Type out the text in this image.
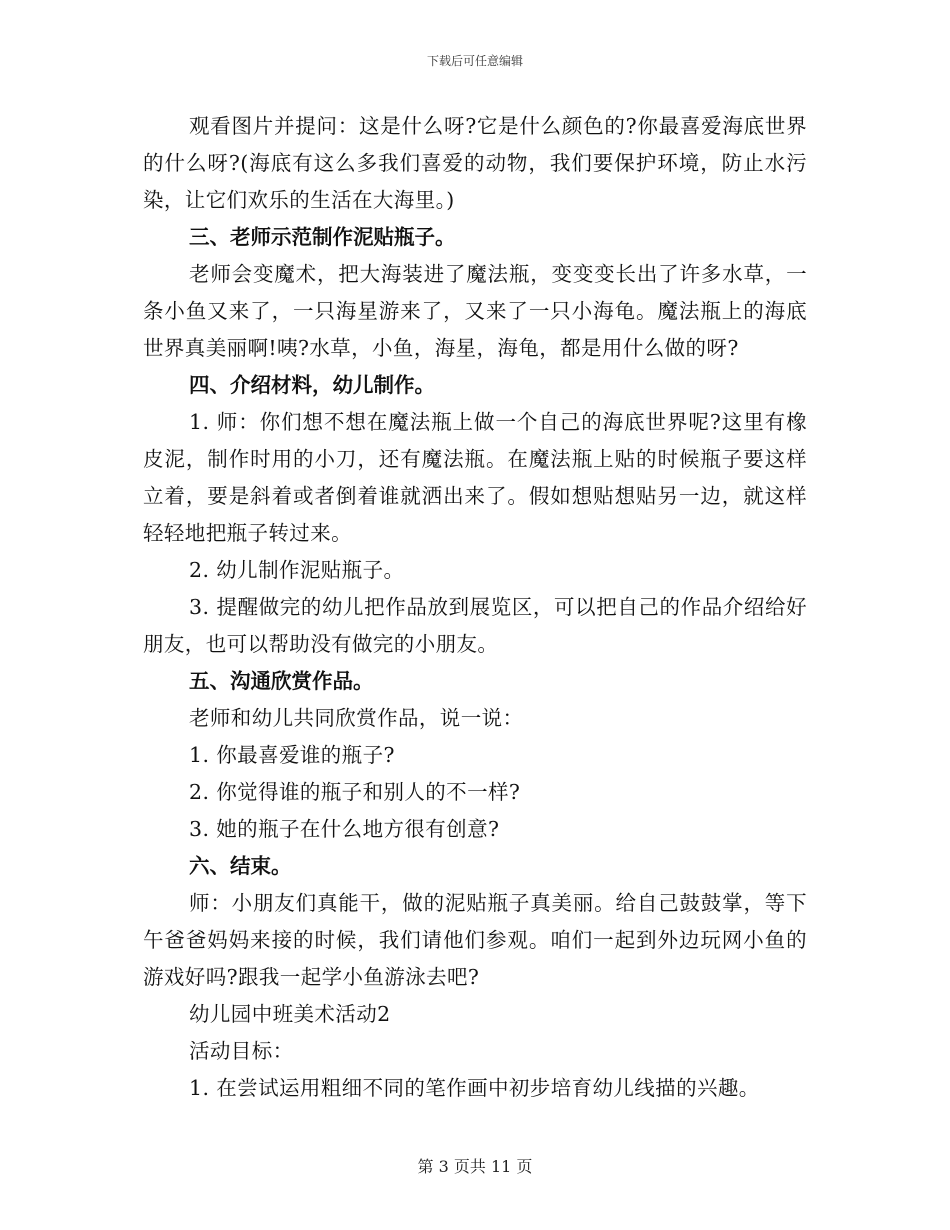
下载后可任意编辑

观看图片并提问：这是什么呀?它是什么颜色的?你最喜爱海底世界的什么呀?(海底有这么多我们喜爱的动物，我们要保护环境，防止水污染，让它们欢乐的生活在大海里。)

三、老师示范制作泥贴瓶子。

老师会变魔术，把大海装进了魔法瓶，变变变长出了许多水草，一条小鱼又来了，一只海星游来了，又来了一只小海龟。魔法瓶上的海底世界真美丽啊!咦?水草，小鱼，海星，海龟，都是用什么做的呀?

四、介绍材料，幼儿制作。

1. 师：你们想不想在魔法瓶上做一个自己的海底世界呢?这里有橡皮泥，制作时用的小刀，还有魔法瓶。在魔法瓶上贴的时候瓶子要这样立着，要是斜着或者倒着谁就洒出来了。假如想贴想贴另一边，就这样轻轻地把瓶子转过来。

2. 幼儿制作泥贴瓶子。

3. 提醒做完的幼儿把作品放到展览区，可以把自己的作品介绍给好朋友，也可以帮助没有做完的小朋友。

五、沟通欣赏作品。

老师和幼儿共同欣赏作品，说一说：

1. 你最喜爱谁的瓶子?

2. 你觉得谁的瓶子和别人的不一样?

3. 她的瓶子在什么地方很有创意?

六、结束。

师：小朋友们真能干，做的泥贴瓶子真美丽。给自己鼓鼓掌，等下午爸爸妈妈来接的时候，我们请他们参观。咱们一起到外边玩网小鱼的游戏好吗?跟我一起学小鱼游泳去吧?

幼儿园中班美术活动2

活动目标：

1. 在尝试运用粗细不同的笔作画中初步培育幼儿线描的兴趣。

第 3 页共 11 页
